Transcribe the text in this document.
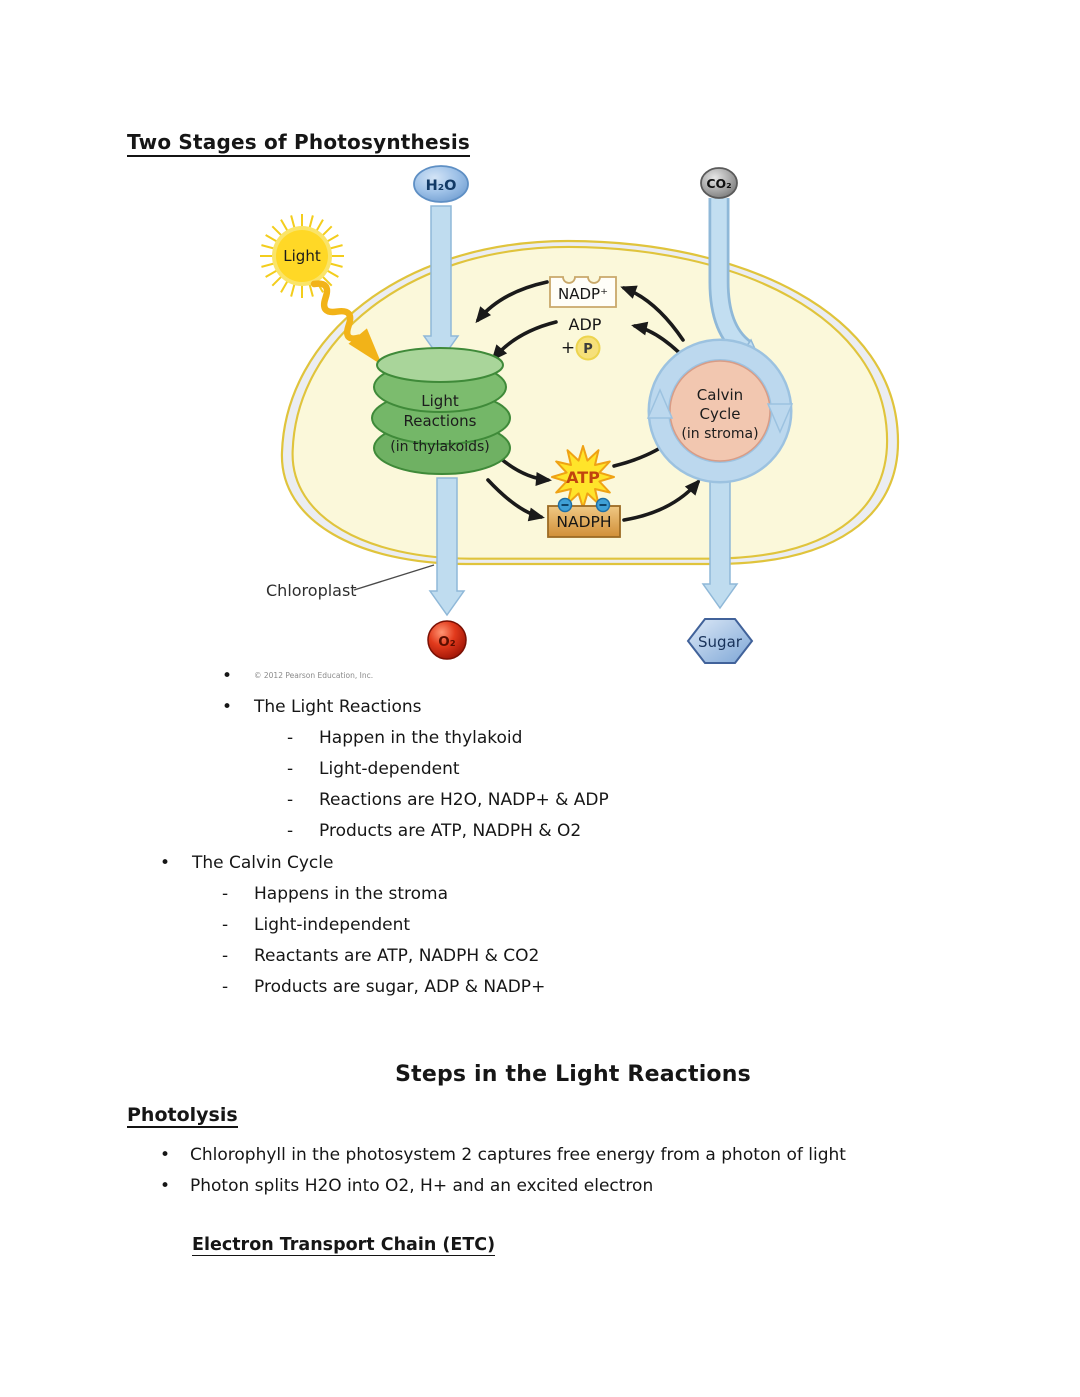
Two Stages of Photosynthesis
Light
Light
Reactions
(in thylakoids)
NADP⁺
ADP
+ P
ATP
NADPH
Calvin
Cycle
(in stroma)
H₂O	CO₂
O₂	Sugar
Chloroplast
•	© 2012 Pearson Education, Inc.
•	The Light Reactions
-	Happen in the thylakoid
-	Light-dependent
-	Reactions are H2O, NADP+ & ADP
-	Products are ATP, NADPH & O2
•	The Calvin Cycle
-	Happens in the stroma
-	Light-independent
-	Reactants are ATP, NADPH & CO2
-	Products are sugar, ADP & NADP+
Steps in the Light Reactions
Photolysis
•	Chlorophyll in the photosystem 2 captures free energy from a photon of light
•	Photon splits H2O into O2, H+ and an excited electron
Electron Transport Chain (ETC)
